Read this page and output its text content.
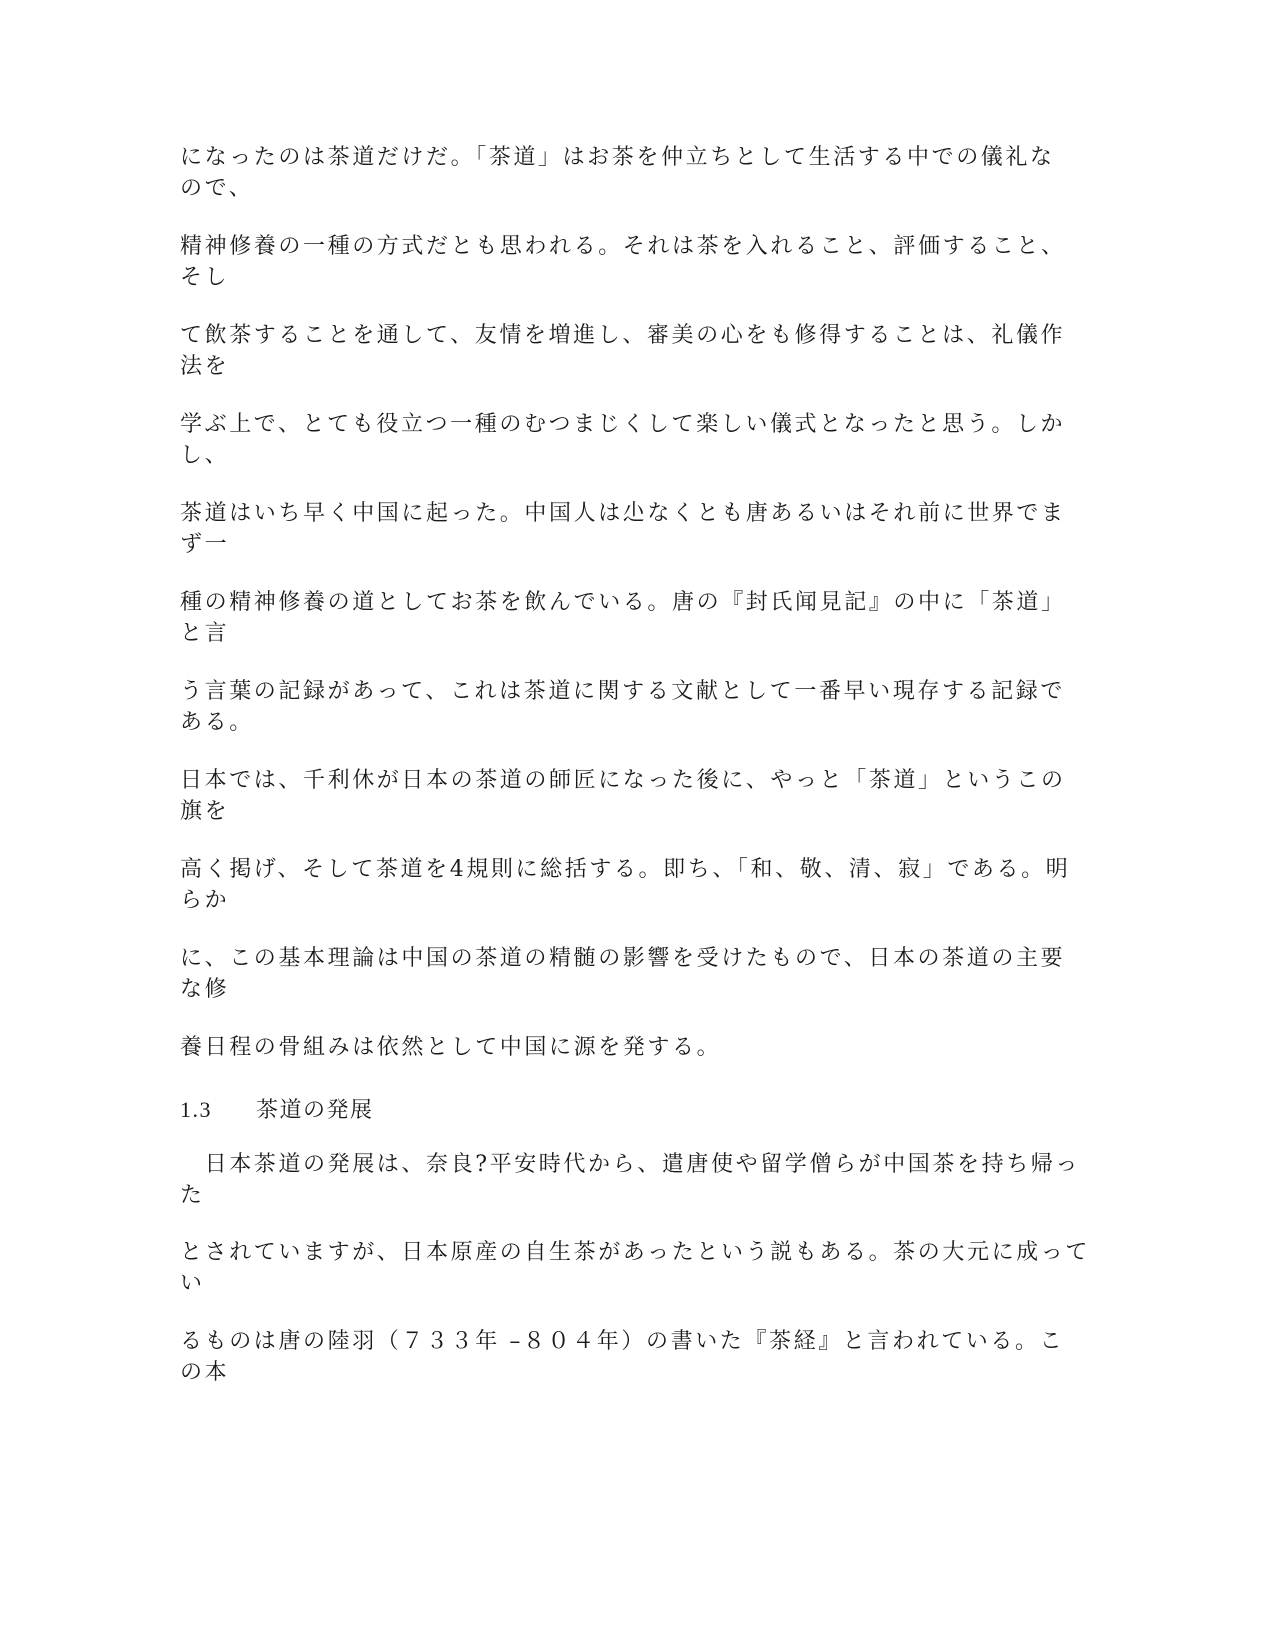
になったのは茶道だけだ。「茶道」はお茶を仲立ちとして生活する中での儀礼な
ので、
精神修養の一種の方式だとも思われる。それは茶を入れること、評価すること、
そし
て飲茶することを通して、友情を増進し、審美の心をも修得することは、礼儀作
法を
学ぶ上で、とても役立つ一種のむつまじくして楽しい儀式となったと思う。しか
し、
茶道はいち早く中国に起った。中国人は尐なくとも唐あるいはそれ前に世界でま
ず一
種の精神修養の道としてお茶を飲んでいる。唐の『封氏闻見記』の中に「茶道」
と言
う言葉の記録があって、これは茶道に関する文献として一番早い現存する記録で
ある。
日本では、千利休が日本の茶道の師匠になった後に、やっと「茶道」というこの
旗を
高く掲げ、そして茶道を4規則に総括する。即ち、「和、敬、清、寂」である。明
らか
に、この基本理論は中国の茶道の精髄の影響を受けたもので、日本の茶道の主要
な修
養日程の骨組みは依然として中国に源を発する。
1.3 茶道の発展
　日本茶道の発展は、奈良?平安時代から、遣唐使や留学僧らが中国茶を持ち帰っ
た
とされていますが、日本原産の自生茶があったという説もある。茶の大元に成って
い
るものは唐の陸羽（７３３年 –８０４年）の書いた『茶経』と言われている。こ
の本
